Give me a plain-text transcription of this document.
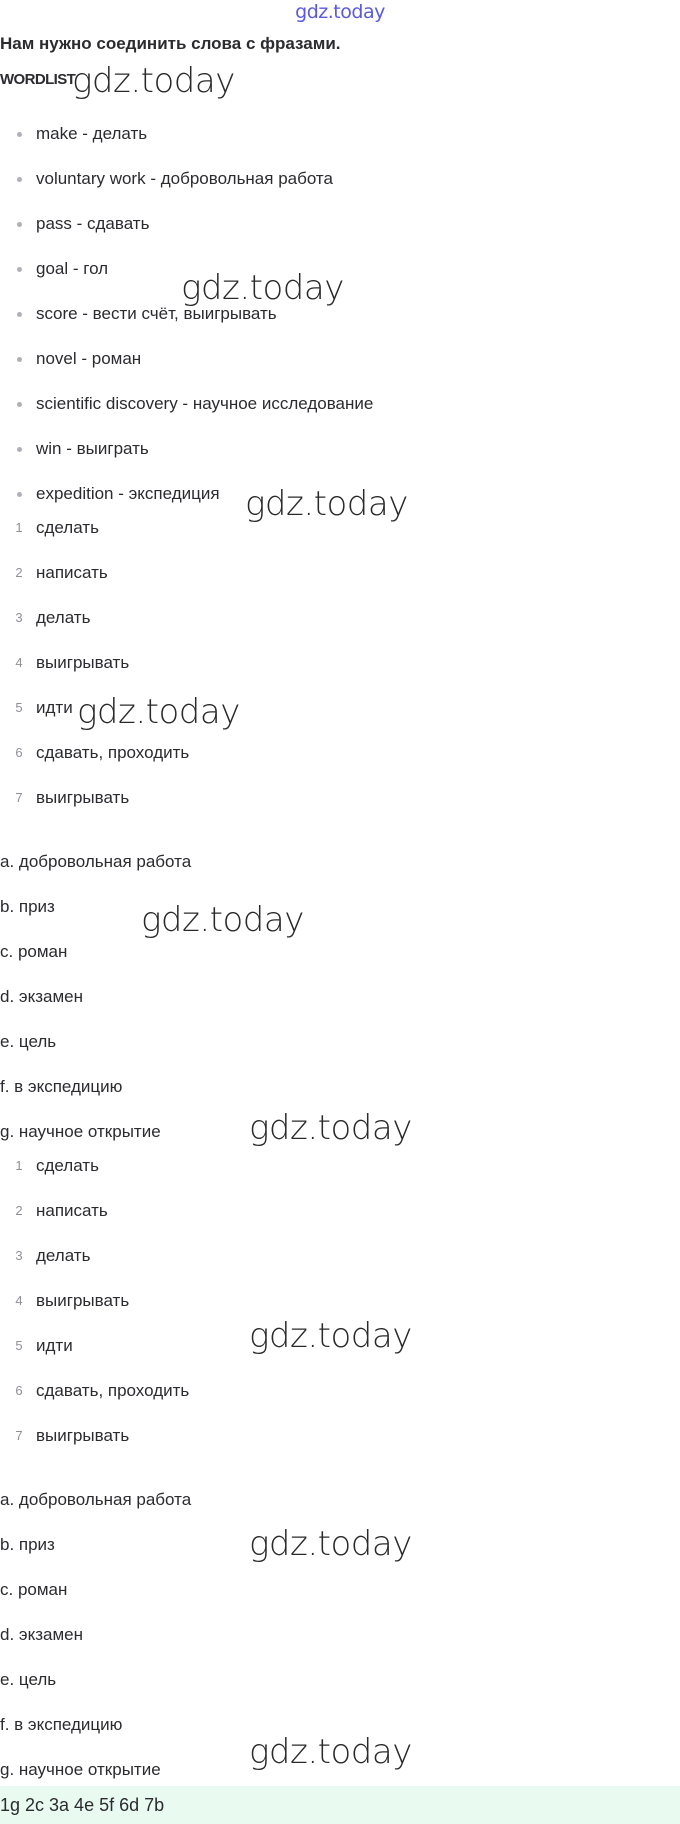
gdz.today
Нам нужно соединить слова с фразами.
WORDLIST
make - делать
voluntary work - добровольная работа
pass - сдавать
goal - гол
score - вести счёт, выигрывать
novel - роман
scientific discovery - научное исследование
win - выиграть
expedition - экспедиция
1 сделать
2 написать
3 делать
4 выигрывать
5 идти
6 сдавать, проходить
7 выигрывать
a. добровольная работа
b. приз
c. роман
d. экзамен
e. цель
f. в экспедицию
g. научное открытие
1 сделать
2 написать
3 делать
4 выигрывать
5 идти
6 сдавать, проходить
7 выигрывать
a. добровольная работа
b. приз
c. роман
d. экзамен
e. цель
f. в экспедицию
g. научное открытие
1g 2c 3a 4e 5f 6d 7b
gdz.today
gdz.today
gdz.today
gdz.today
gdz.today
gdz.today
gdz.today
gdz.today
gdz.today
